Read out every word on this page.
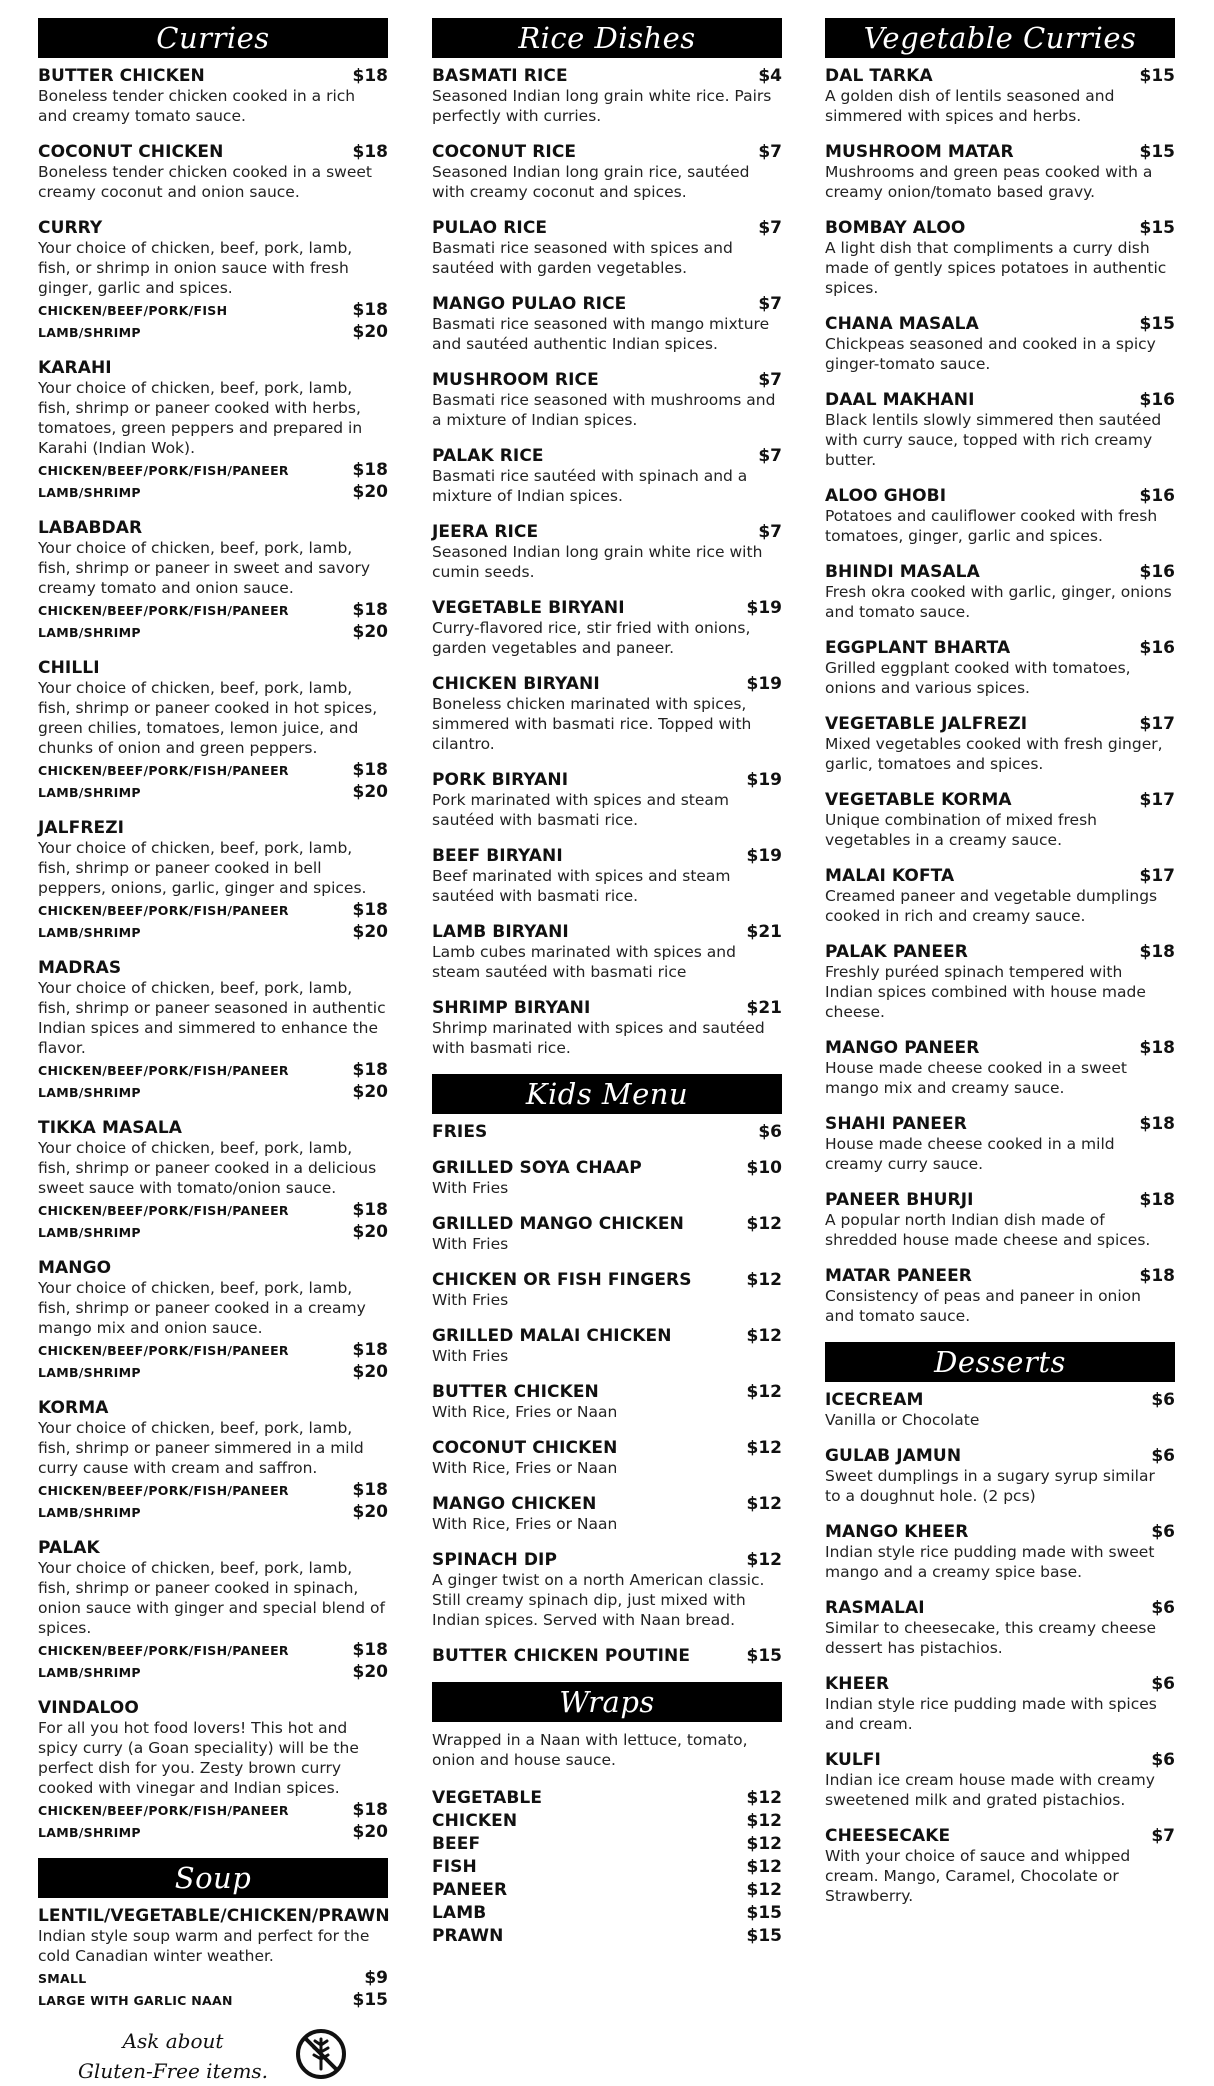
Curries
BUTTER CHICKEN	$18
Boneless tender chicken cooked in a rich and creamy tomato sauce.
COCONUT CHICKEN	$18
Boneless tender chicken cooked in a sweet creamy coconut and onion sauce.
CURRY
Your choice of chicken, beef, pork, lamb, fish, or shrimp in onion sauce with fresh ginger, garlic and spices.
CHICKEN/BEEF/PORK/FISH	$18
LAMB/SHRIMP	$20
KARAHI
Your choice of chicken, beef, pork, lamb, fish, shrimp or paneer cooked with herbs, tomatoes, green peppers and prepared in Karahi (Indian Wok).
CHICKEN/BEEF/PORK/FISH/PANEER	$18
LAMB/SHRIMP	$20
LABABDAR
Your choice of chicken, beef, pork, lamb, fish, shrimp or paneer in sweet and savory creamy tomato and onion sauce.
CHICKEN/BEEF/PORK/FISH/PANEER	$18
LAMB/SHRIMP	$20
CHILLI
Your choice of chicken, beef, pork, lamb, fish, shrimp or paneer cooked in hot spices, green chilies, tomatoes, lemon juice, and chunks of onion and green peppers.
CHICKEN/BEEF/PORK/FISH/PANEER	$18
LAMB/SHRIMP	$20
JALFREZI
Your choice of chicken, beef, pork, lamb, fish, shrimp or paneer cooked in bell peppers, onions, garlic, ginger and spices.
CHICKEN/BEEF/PORK/FISH/PANEER	$18
LAMB/SHRIMP	$20
MADRAS
Your choice of chicken, beef, pork, lamb, fish, shrimp or paneer seasoned in authentic Indian spices and simmered to enhance the flavor.
CHICKEN/BEEF/PORK/FISH/PANEER	$18
LAMB/SHRIMP	$20
TIKKA MASALA
Your choice of chicken, beef, pork, lamb, fish, shrimp or paneer cooked in a delicious sweet sauce with tomato/onion sauce.
CHICKEN/BEEF/PORK/FISH/PANEER	$18
LAMB/SHRIMP	$20
MANGO
Your choice of chicken, beef, pork, lamb, fish, shrimp or paneer cooked in a creamy mango mix and onion sauce.
CHICKEN/BEEF/PORK/FISH/PANEER	$18
LAMB/SHRIMP	$20
KORMA
Your choice of chicken, beef, pork, lamb, fish, shrimp or paneer simmered in a mild curry cause with cream and saffron.
CHICKEN/BEEF/PORK/FISH/PANEER	$18
LAMB/SHRIMP	$20
PALAK
Your choice of chicken, beef, pork, lamb, fish, shrimp or paneer cooked in spinach, onion sauce with ginger and special blend of spices.
CHICKEN/BEEF/PORK/FISH/PANEER	$18
LAMB/SHRIMP	$20
VINDALOO
For all you hot food lovers! This hot and spicy curry (a Goan speciality) will be the perfect dish for you. Zesty brown curry cooked with vinegar and Indian spices.
CHICKEN/BEEF/PORK/FISH/PANEER	$18
LAMB/SHRIMP	$20
Soup
LENTIL/VEGETABLE/CHICKEN/PRAWN
Indian style soup warm and perfect for the cold Canadian winter weather.
SMALL	$9
LARGE WITH GARLIC NAAN	$15
Ask about
Gluten-Free items.
Rice Dishes
BASMATI RICE	$4
Seasoned Indian long grain white rice. Pairs perfectly with curries.
COCONUT RICE	$7
Seasoned Indian long grain rice, sautéed with creamy coconut and spices.
PULAO RICE	$7
Basmati rice seasoned with spices and sautéed with garden vegetables.
MANGO PULAO RICE	$7
Basmati rice seasoned with mango mixture and sautéed authentic Indian spices.
MUSHROOM RICE	$7
Basmati rice seasoned with mushrooms and a mixture of Indian spices.
PALAK RICE	$7
Basmati rice sautéed with spinach and a mixture of Indian spices.
JEERA RICE	$7
Seasoned Indian long grain white rice with cumin seeds.
VEGETABLE BIRYANI	$19
Curry-flavored rice, stir fried with onions, garden vegetables and paneer.
CHICKEN BIRYANI	$19
Boneless chicken marinated with spices, simmered with basmati rice. Topped with cilantro.
PORK BIRYANI	$19
Pork marinated with spices and steam sautéed with basmati rice.
BEEF BIRYANI	$19
Beef marinated with spices and steam sautéed with basmati rice.
LAMB BIRYANI	$21
Lamb cubes marinated with spices and steam sautéed with basmati rice
SHRIMP BIRYANI	$21
Shrimp marinated with spices and sautéed with basmati rice.
Kids Menu
FRIES	$6
GRILLED SOYA CHAAP	$10
With Fries
GRILLED MANGO CHICKEN	$12
With Fries
CHICKEN OR FISH FINGERS	$12
With Fries
GRILLED MALAI CHICKEN	$12
With Fries
BUTTER CHICKEN	$12
With Rice, Fries or Naan
COCONUT CHICKEN	$12
With Rice, Fries or Naan
MANGO CHICKEN	$12
With Rice, Fries or Naan
SPINACH DIP	$12
A ginger twist on a north American classic. Still creamy spinach dip, just mixed with Indian spices. Served with Naan bread.
BUTTER CHICKEN POUTINE	$15
Wraps
Wrapped in a Naan with lettuce, tomato, onion and house sauce.
VEGETABLE	$12
CHICKEN	$12
BEEF	$12
FISH	$12
PANEER	$12
LAMB	$15
PRAWN	$15
Vegetable Curries
DAL TARKA	$15
A golden dish of lentils seasoned and simmered with spices and herbs.
MUSHROOM MATAR	$15
Mushrooms and green peas cooked with a creamy onion/tomato based gravy.
BOMBAY ALOO	$15
A light dish that compliments a curry dish made of gently spices potatoes in authentic spices.
CHANA MASALA	$15
Chickpeas seasoned and cooked in a spicy ginger-tomato sauce.
DAAL MAKHANI	$16
Black lentils slowly simmered then sautéed with curry sauce, topped with rich creamy butter.
ALOO GHOBI	$16
Potatoes and cauliflower cooked with fresh tomatoes, ginger, garlic and spices.
BHINDI MASALA	$16
Fresh okra cooked with garlic, ginger, onions and tomato sauce.
EGGPLANT BHARTA	$16
Grilled eggplant cooked with tomatoes, onions and various spices.
VEGETABLE JALFREZI	$17
Mixed vegetables cooked with fresh ginger, garlic, tomatoes and spices.
VEGETABLE KORMA	$17
Unique combination of mixed fresh vegetables in a creamy sauce.
MALAI KOFTA	$17
Creamed paneer and vegetable dumplings cooked in rich and creamy sauce.
PALAK PANEER	$18
Freshly puréed spinach tempered with Indian spices combined with house made cheese.
MANGO PANEER	$18
House made cheese cooked in a sweet mango mix and creamy sauce.
SHAHI PANEER	$18
House made cheese cooked in a mild creamy curry sauce.
PANEER BHURJI	$18
A popular north Indian dish made of shredded house made cheese and spices.
MATAR PANEER	$18
Consistency of peas and paneer in onion and tomato sauce.
Desserts
ICECREAM	$6
Vanilla or Chocolate
GULAB JAMUN	$6
Sweet dumplings in a sugary syrup similar to a doughnut hole. (2 pcs)
MANGO KHEER	$6
Indian style rice pudding made with sweet mango and a creamy spice base.
RASMALAI	$6
Similar to cheesecake, this creamy cheese dessert has pistachios.
KHEER	$6
Indian style rice pudding made with spices and cream.
KULFI	$6
Indian ice cream house made with creamy sweetened milk and grated pistachios.
CHEESECAKE	$7
With your choice of sauce and whipped cream. Mango, Caramel, Chocolate or Strawberry.
